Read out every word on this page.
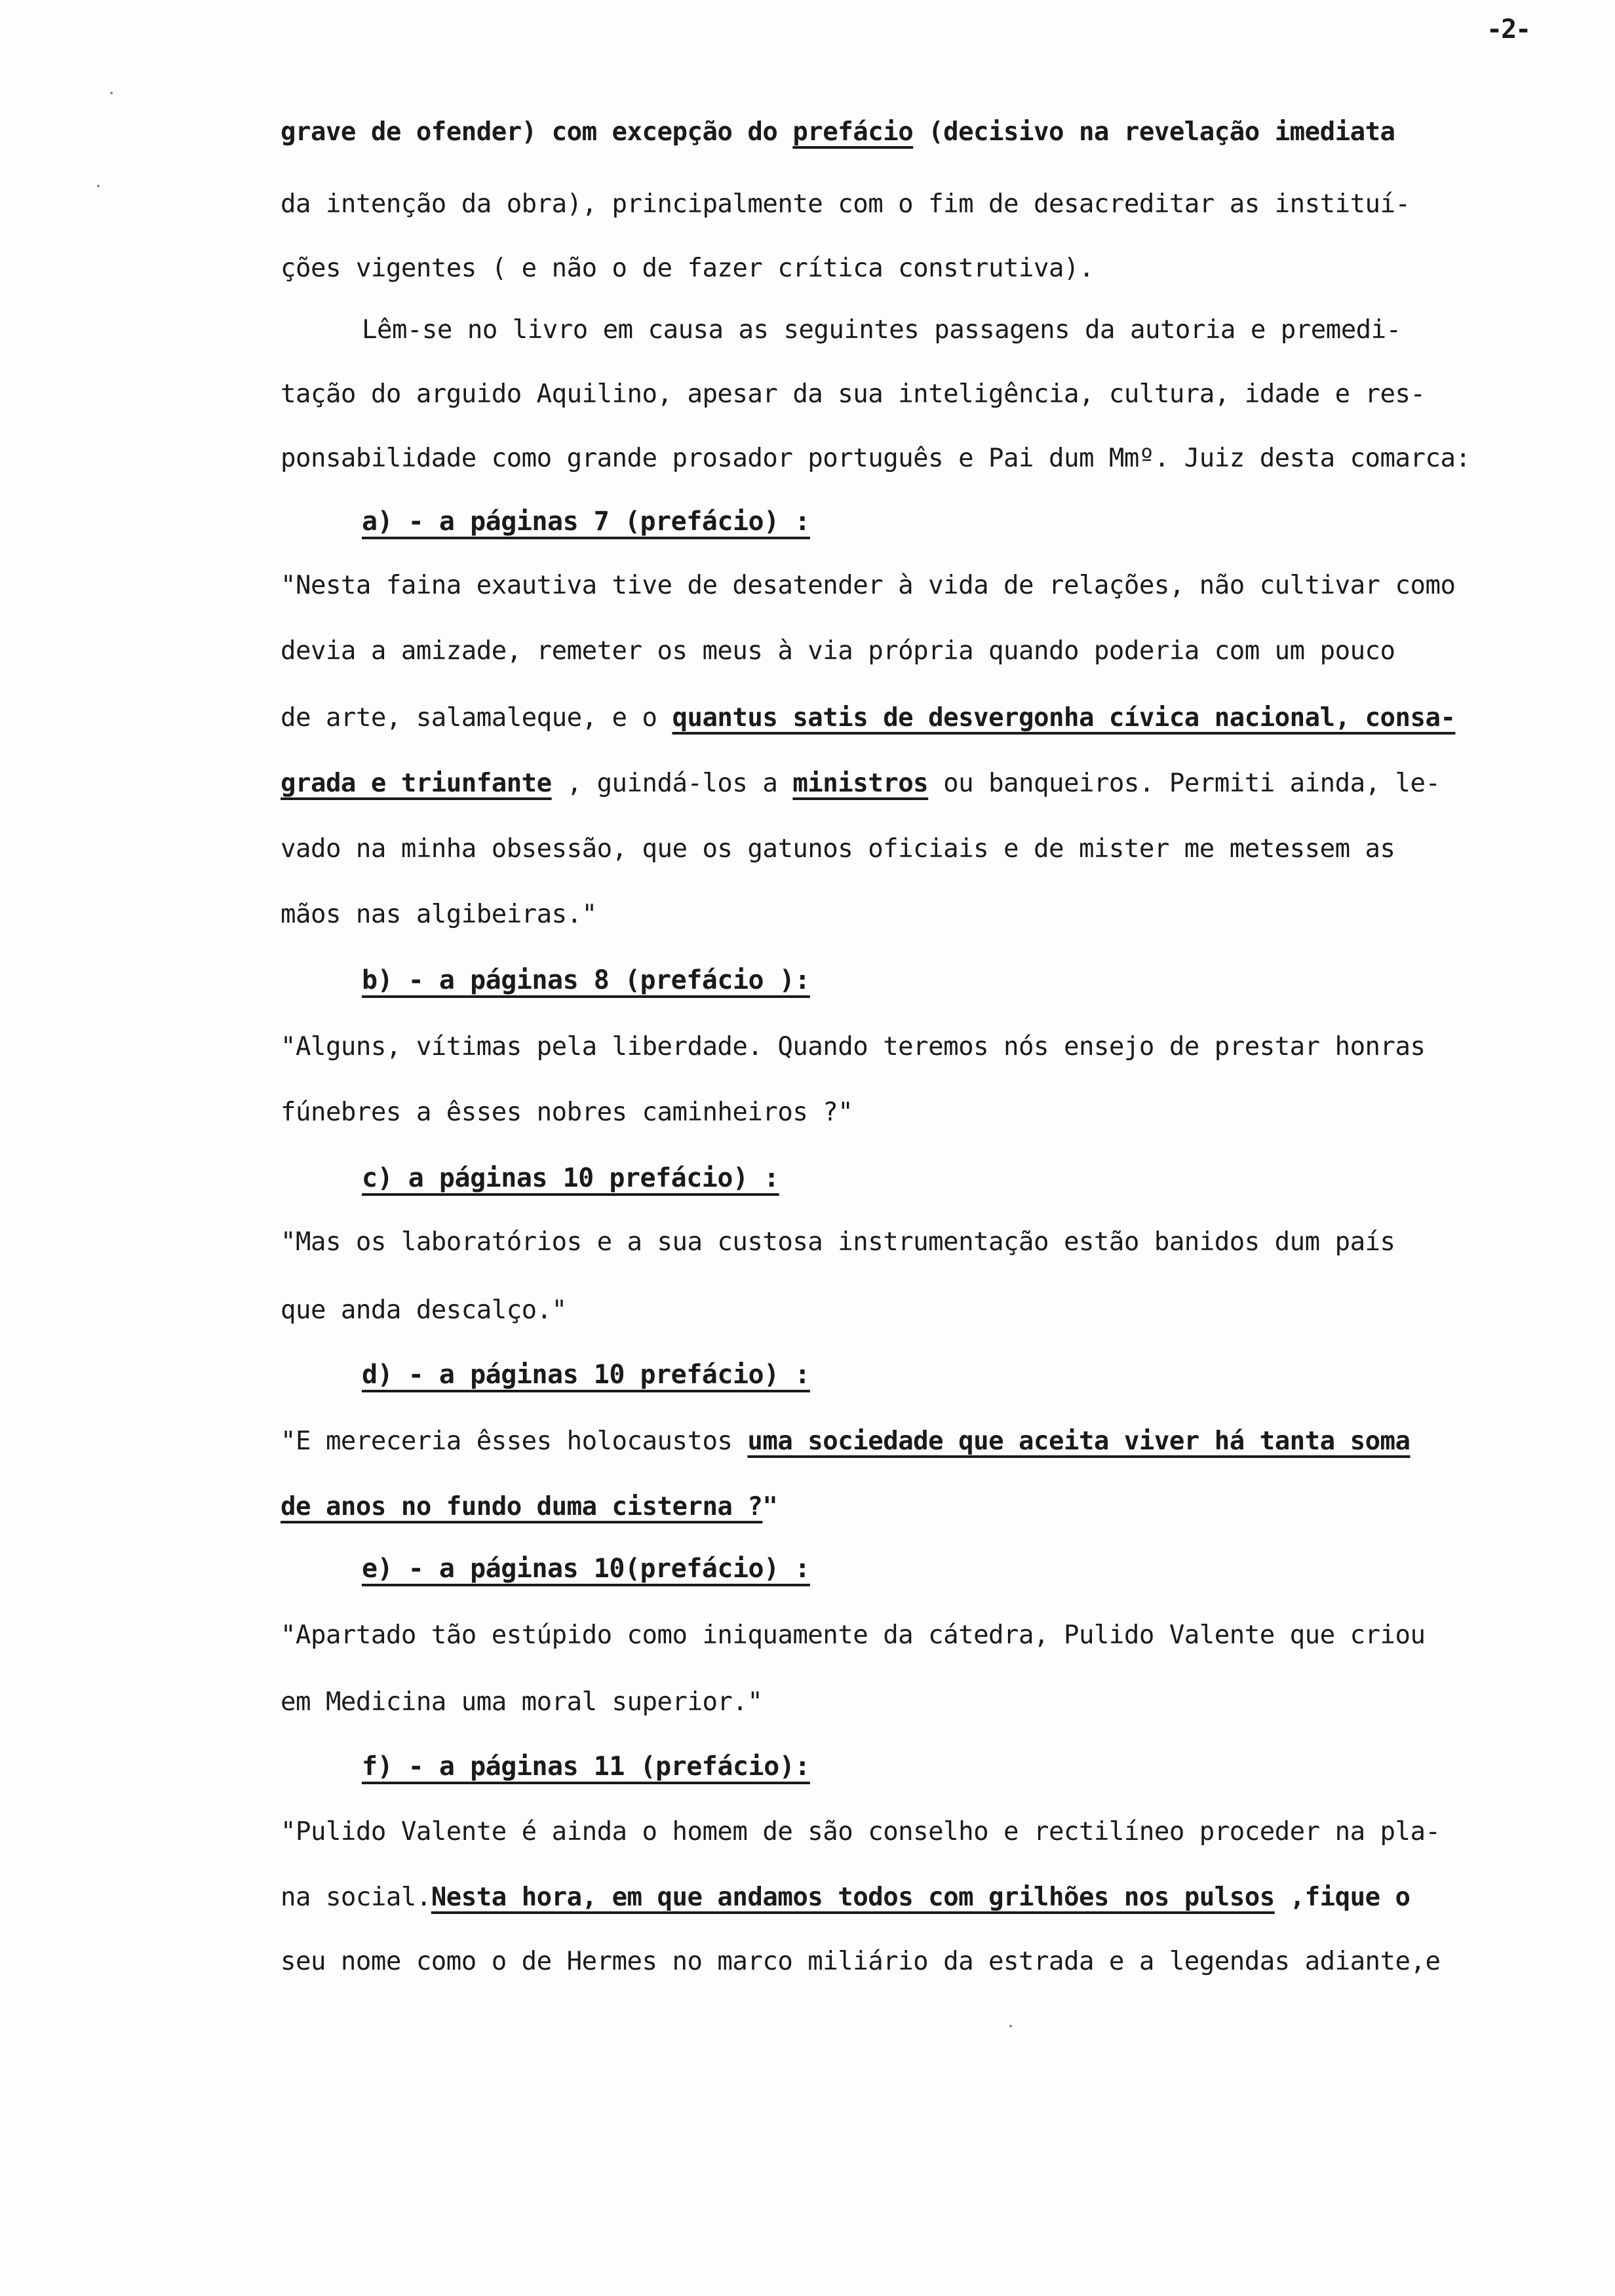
-2-
grave de ofender) com excepção do prefácio (decisivo na revelação imediata
da intenção da obra), principalmente com o fim de desacreditar as instituí-
ções vigentes ( e não o de fazer crítica construtiva).
Lêm-se no livro em causa as seguintes passagens da autoria e premedi-
tação do arguido Aquilino, apesar da sua inteligência, cultura, idade e res-
ponsabilidade como grande prosador português e Pai dum Mmº. Juiz desta comarca:
a) - a páginas 7 (prefácio) :
"Nesta faina exautiva tive de desatender à vida de relações, não cultivar como
devia a amizade, remeter os meus à via própria quando poderia com um pouco
de arte, salamaleque, e o quantus satis de desvergonha cívica nacional, consa-
grada e triunfante , guindá-los a ministros ou banqueiros. Permiti ainda, le-
vado na minha obsessão, que os gatunos oficiais e de mister me metessem as
mãos nas algibeiras."
b) - a páginas 8 (prefácio ):
"Alguns, vítimas pela liberdade. Quando teremos nós ensejo de prestar honras
fúnebres a êsses nobres caminheiros ?"
c) a páginas 10 prefácio) :
"Mas os laboratórios e a sua custosa instrumentação estão banidos dum país
que anda descalço."
d) - a páginas 10 prefácio) :
"E mereceria êsses holocaustos uma sociedade que aceita viver há tanta soma
de anos no fundo duma cisterna ?"
e) - a páginas 10(prefácio) :
"Apartado tão estúpido como iniquamente da cátedra, Pulido Valente que criou
em Medicina uma moral superior."
f) - a páginas 11 (prefácio):
"Pulido Valente é ainda o homem de são conselho e rectilíneo proceder na pla-
na social.Nesta hora, em que andamos todos com grilhões nos pulsos ,fique o
seu nome como o de Hermes no marco miliário da estrada e a legendas adiante,e
